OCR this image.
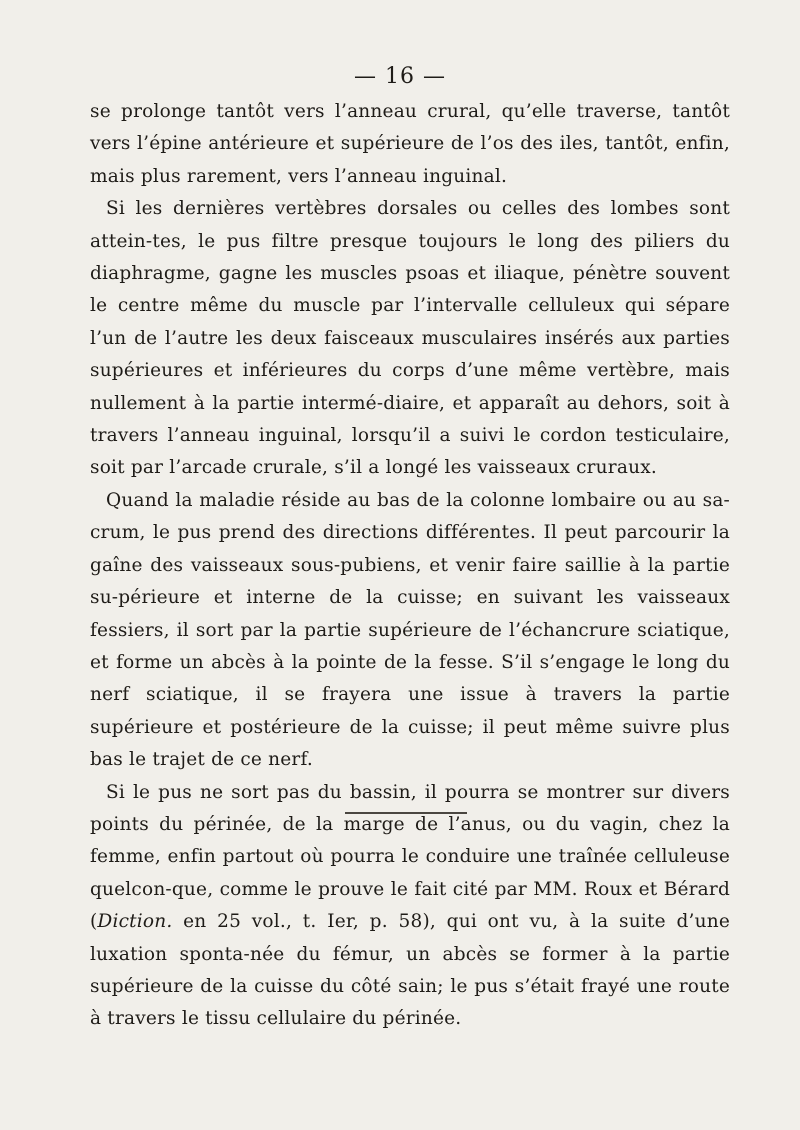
— 16 —

se prolonge tantôt vers l’anneau crural, qu’elle traverse, tantôt vers l’épine antérieure et supérieure de l’os des iles, tantôt, enfin, mais plus rarement, vers l’anneau inguinal.

Si les dernières vertèbres dorsales ou celles des lombes sont attein-tes, le pus filtre presque toujours le long des piliers du diaphragme, gagne les muscles psoas et iliaque, pénètre souvent le centre même du muscle par l’intervalle celluleux qui sépare l’un de l’autre les deux faisceaux musculaires insérés aux parties supérieures et inférieures du corps d’une même vertèbre, mais nullement à la partie intermé-diaire, et apparaît au dehors, soit à travers l’anneau inguinal, lorsqu’il a suivi le cordon testiculaire, soit par l’arcade crurale, s’il a longé les vaisseaux cruraux.

Quand la maladie réside au bas de la colonne lombaire ou au sa-crum, le pus prend des directions différentes. Il peut parcourir la gaîne des vaisseaux sous-pubiens, et venir faire saillie à la partie su-périeure et interne de la cuisse; en suivant les vaisseaux fessiers, il sort par la partie supérieure de l’échancrure sciatique, et forme un abcès à la pointe de la fesse. S’il s’engage le long du nerf sciatique, il se frayera une issue à travers la partie supérieure et postérieure de la cuisse; il peut même suivre plus bas le trajet de ce nerf.

Si le pus ne sort pas du bassin, il pourra se montrer sur divers points du périnée, de la marge de l’anus, ou du vagin, chez la femme, enfin partout où pourra le conduire une traînée celluleuse quelcon-que, comme le prouve le fait cité par MM. Roux et Bérard (Diction. en 25 vol., t. Ier, p. 58), qui ont vu, à la suite d’une luxation sponta-née du fémur, un abcès se former à la partie supérieure de la cuisse du côté sain; le pus s’était frayé une route à travers le tissu cellulaire du périnée.
